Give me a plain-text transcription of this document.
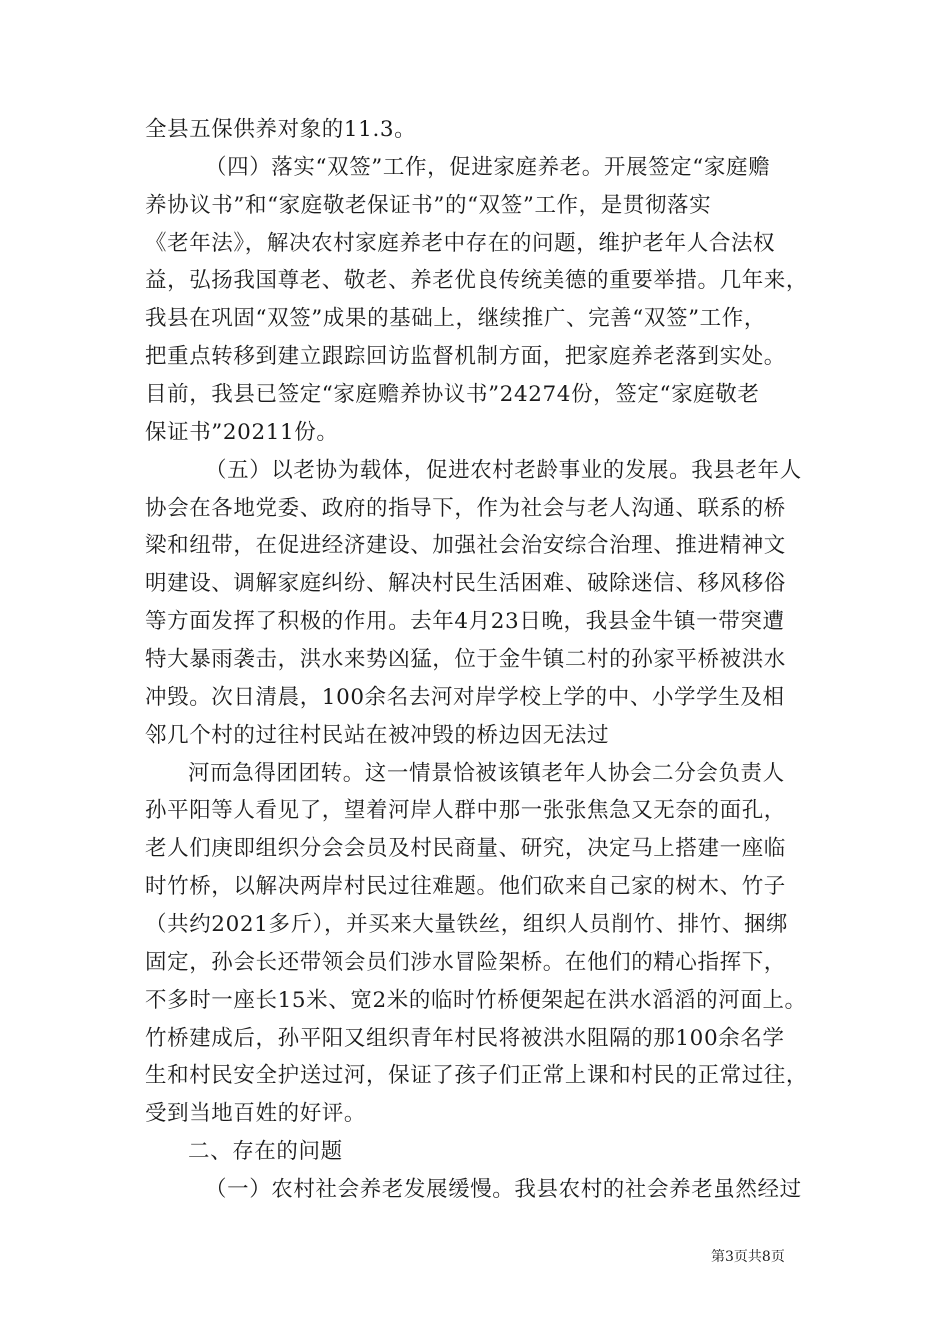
全县五保供养对象的11.3。
（四）落实“双签”工作，促进家庭养老。开展签定“家庭赡
养协议书”和“家庭敬老保证书”的“双签”工作，是贯彻落实
《老年法》，解决农村家庭养老中存在的问题，维护老年人合法权
益，弘扬我国尊老、敬老、养老优良传统美德的重要举措。几年来，
我县在巩固“双签”成果的基础上，继续推广、完善“双签”工作，
把重点转移到建立跟踪回访监督机制方面，把家庭养老落到实处。
目前，我县已签定“家庭赡养协议书”24274份，签定“家庭敬老
保证书”20211份。
（五）以老协为载体，促进农村老龄事业的发展。我县老年人
协会在各地党委、政府的指导下，作为社会与老人沟通、联系的桥
梁和纽带，在促进经济建设、加强社会治安综合治理、推进精神文
明建设、调解家庭纠纷、解决村民生活困难、破除迷信、移风移俗
等方面发挥了积极的作用。去年4月23日晚，我县金牛镇一带突遭
特大暴雨袭击，洪水来势凶猛，位于金牛镇二村的孙家平桥被洪水
冲毁。次日清晨，100余名去河对岸学校上学的中、小学学生及相
邻几个村的过往村民站在被冲毁的桥边因无法过
河而急得团团转。这一情景恰被该镇老年人协会二分会负责人
孙平阳等人看见了，望着河岸人群中那一张张焦急又无奈的面孔，
老人们庚即组织分会会员及村民商量、研究，决定马上搭建一座临
时竹桥，以解决两岸村民过往难题。他们砍来自己家的树木、竹子
（共约2021多斤），并买来大量铁丝，组织人员削竹、排竹、捆绑
固定，孙会长还带领会员们涉水冒险架桥。在他们的精心指挥下，
不多时一座长15米、宽2米的临时竹桥便架起在洪水滔滔的河面上。
竹桥建成后，孙平阳又组织青年村民将被洪水阻隔的那100余名学
生和村民安全护送过河，保证了孩子们正常上课和村民的正常过往，
受到当地百姓的好评。
二、存在的问题
（一）农村社会养老发展缓慢。我县农村的社会养老虽然经过
第3页共8页
